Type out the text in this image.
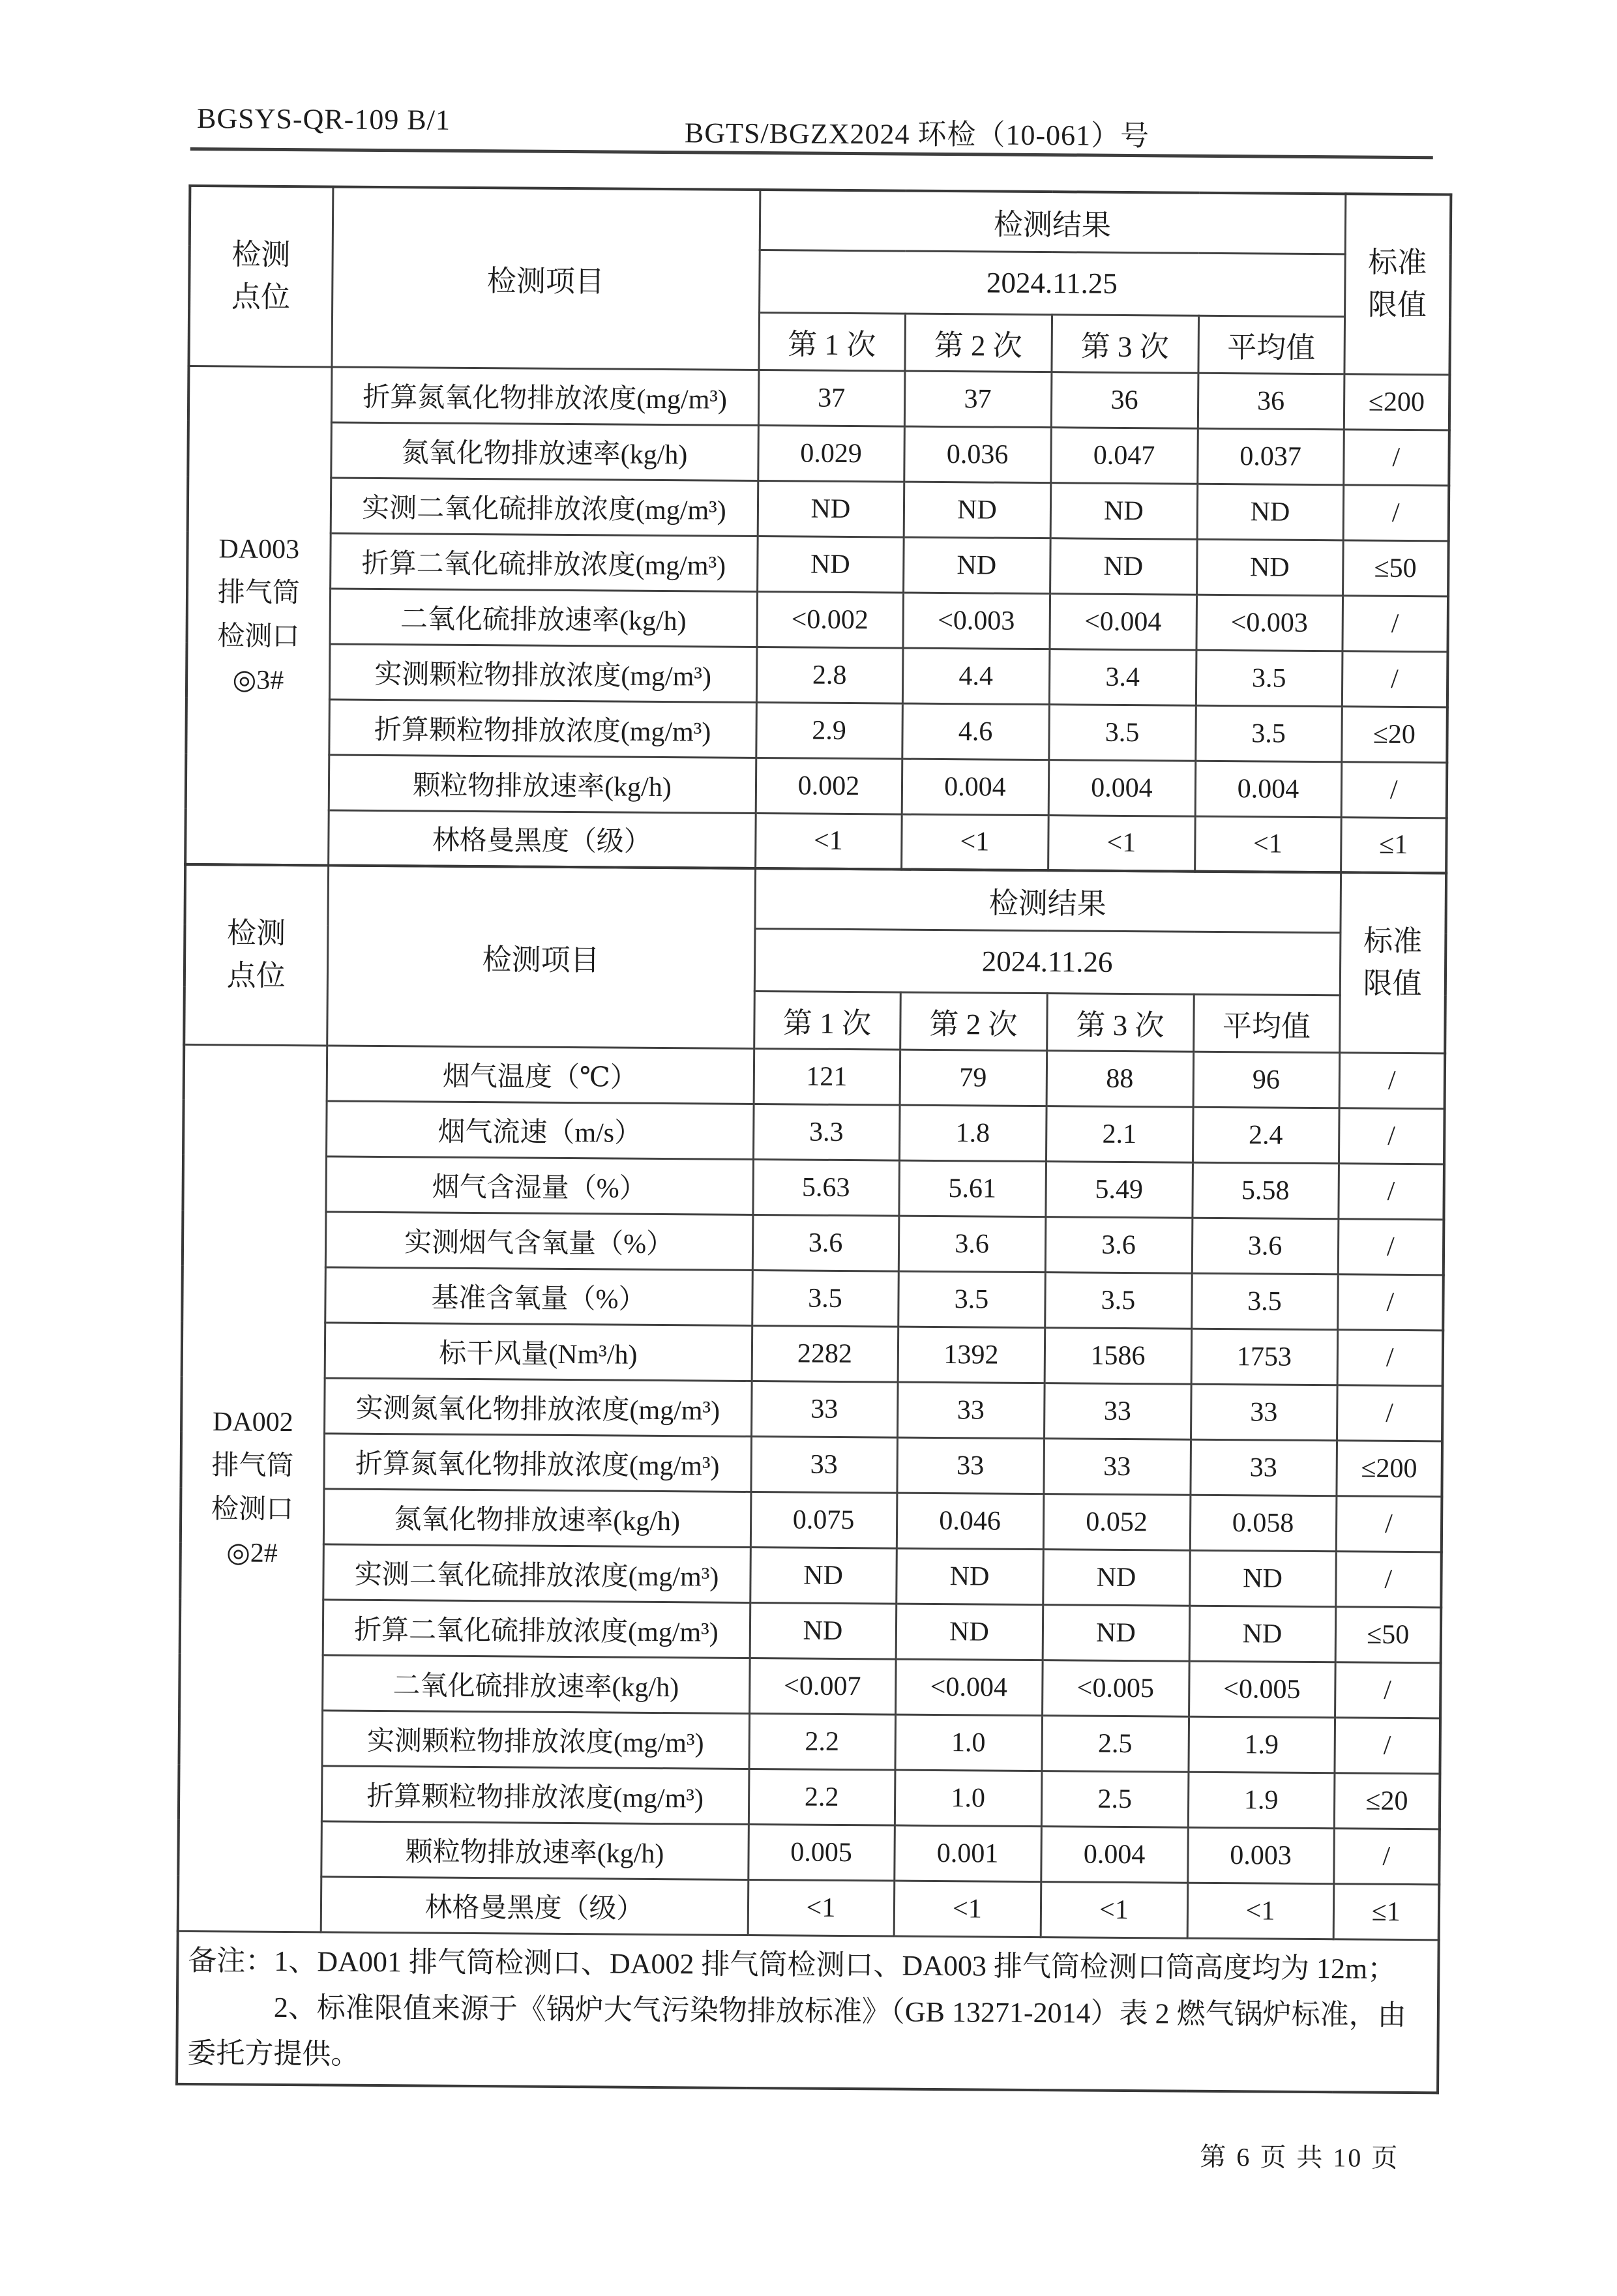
BGSYS-QR-109 B/1	BGTS/BGZX2024 环检（10-061）号
检测
点位	检测项目	检测结果	
标准
限值

		2024.11.25				
		第 1 次	第 2 次	第 3 次	平均值	

DA003
排气筒
检测口
◎3#	折算氮氧化物排放浓度(mg/m³)	37	37	36	36	≤200
	氮氧化物排放速率(kg/h)	0.029	0.036	0.047	0.037	/
	实测二氧化硫排放浓度(mg/m³)	ND	ND	ND	ND	/
	折算二氧化硫排放浓度(mg/m³)	ND	ND	ND	ND	≤50
	二氧化硫排放速率(kg/h)	<0.002	<0.003	<0.004	<0.003	/
	实测颗粒物排放浓度(mg/m³)	2.8	4.4	3.4	3.5	/
	折算颗粒物排放浓度(mg/m³)	2.9	4.6	3.5	3.5	≤20
	颗粒物排放速率(kg/h)	0.002	0.004	0.004	0.004	/
	林格曼黑度（级）	<1	<1	<1	<1	≤1
检测
点位	检测项目	检测结果	
标准
限值

		2024.11.26				
		第 1 次	第 2 次	第 3 次	平均值	

DA002
排气筒
检测口
◎2#	烟气温度（℃）	121	79	88	96	/
	烟气流速（m/s）	3.3	1.8	2.1	2.4	/
	烟气含湿量（%）	5.63	5.61	5.49	5.58	/
	实测烟气含氧量（%）	3.6	3.6	3.6	3.6	/
	基准含氧量（%）	3.5	3.5	3.5	3.5	/
	标干风量(Nm³/h)	2282	1392	1586	1753	/
	实测氮氧化物排放浓度(mg/m³)	33	33	33	33	/
	折算氮氧化物排放浓度(mg/m³)	33	33	33	33	≤200
	氮氧化物排放速率(kg/h)	0.075	0.046	0.052	0.058	/
	实测二氧化硫排放浓度(mg/m³)	ND	ND	ND	ND	/
	折算二氧化硫排放浓度(mg/m³)	ND	ND	ND	ND	≤50
	二氧化硫排放速率(kg/h)	<0.007	<0.004	<0.005	<0.005	/
	实测颗粒物排放浓度(mg/m³)	2.2	1.0	2.5	1.9	/
	折算颗粒物排放浓度(mg/m³)	2.2	1.0	2.5	1.9	≤20
	颗粒物排放速率(kg/h)	0.005	0.001	0.004	0.003	/
	林格曼黑度（级）	<1	<1	<1	<1	≤1

备注：1、DA001 排气筒检测口、DA002 排气筒检测口、DA003 排气筒检测口筒高度均为 12m；
2、标准限值来源于《锅炉大气污染物排放标准》（GB 13271-2014）表 2 燃气锅炉标准，由
委托方提供。						
第 6 页 共 10 页
